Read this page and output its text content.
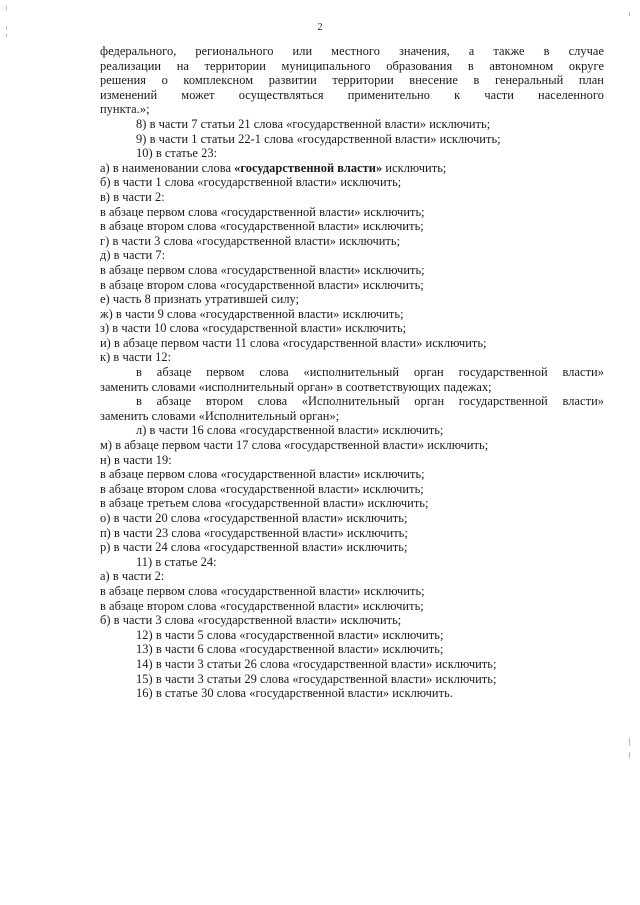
2
федерального, регионального или местного значения, а также в случае
реализации на территории муниципального образования в автономном округе
решения о комплексном развитии территории внесение в генеральный план
изменений может осуществляться применительно к части населенного
пункта.»;
8) в части 7 статьи 21 слова «государственной власти» исключить;
9) в части 1 статьи 22-1 слова «государственной власти» исключить;
10) в статье 23:
а) в наименовании слова «государственной власти» исключить;
б) в части 1 слова «государственной власти» исключить;
в) в части 2:
в абзаце первом слова «государственной власти» исключить;
в абзаце втором слова «государственной власти» исключить;
г) в части 3 слова «государственной власти» исключить;
д) в части 7:
в абзаце первом слова «государственной власти» исключить;
в абзаце втором слова «государственной власти» исключить;
е) часть 8 признать утратившей силу;
ж) в части 9 слова «государственной власти» исключить;
з) в части 10 слова «государственной власти» исключить;
и) в абзаце первом части 11 слова «государственной власти» исключить;
к) в части 12:
в абзаце первом слова «исполнительный орган государственной власти»
заменить словами «исполнительный орган» в соответствующих падежах;
в абзаце втором слова «Исполнительный орган государственной власти»
заменить словами «Исполнительный орган»;
л) в части 16 слова «государственной власти» исключить;
м) в абзаце первом части 17 слова «государственной власти» исключить;
н) в части 19:
в абзаце первом слова «государственной власти» исключить;
в абзаце втором слова «государственной власти» исключить;
в абзаце третьем слова «государственной власти» исключить;
о) в части 20 слова «государственной власти» исключить;
п) в части 23 слова «государственной власти» исключить;
р) в части 24 слова «государственной власти» исключить;
11) в статье 24:
а) в части 2:
в абзаце первом слова «государственной власти» исключить;
в абзаце втором слова «государственной власти» исключить;
б) в части 3 слова «государственной власти» исключить;
12) в части 5 слова «государственной власти» исключить;
13) в части 6 слова «государственной власти» исключить;
14) в части 3 статьи 26 слова «государственной власти» исключить;
15) в части 3 статьи 29 слова «государственной власти» исключить;
16) в статье 30 слова «государственной власти» исключить.
